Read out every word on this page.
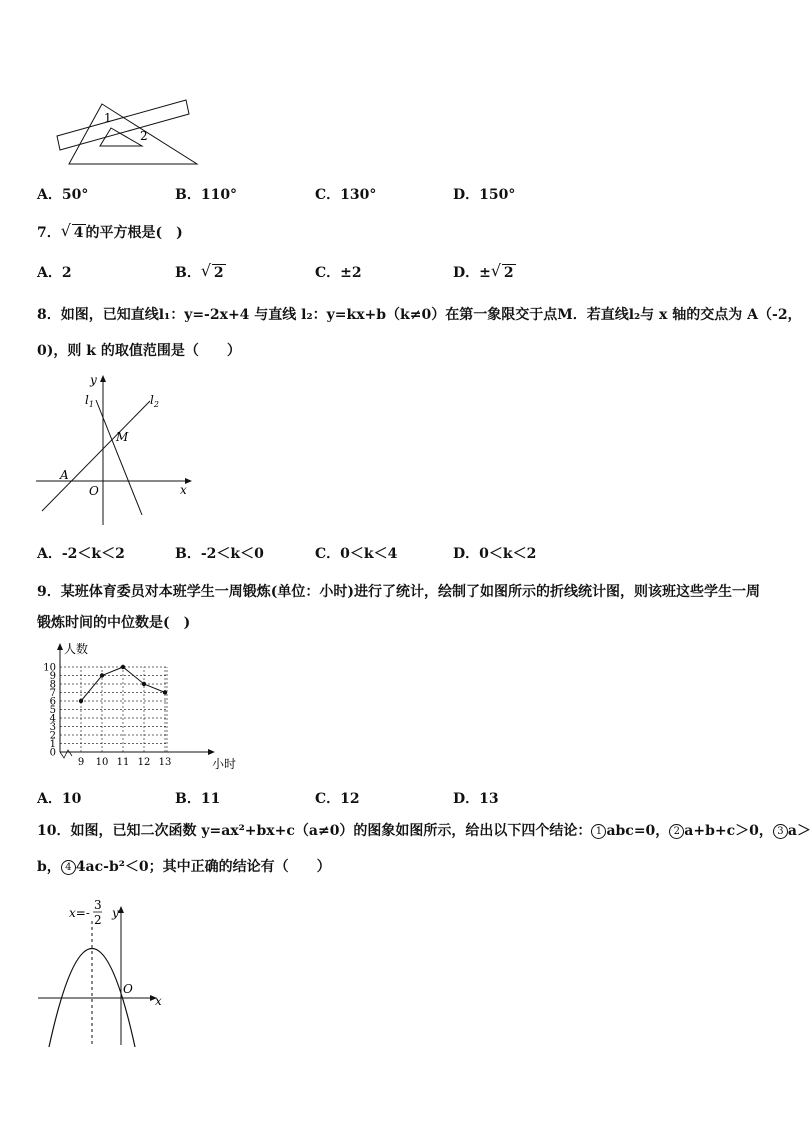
1
2
A．50°	B．110°	C．130°	D．150°
7． √ 4 的平方根是(　)
A．2	B． √ 2	C．±2	D．± √ 2
8．如图，已知直线l₁：y=-2x+4 与直线 l₂：y=kx+b（k≠0）在第一象限交于点M．若直线l₂与 x 轴的交点为 A（-2，
0)，则 k 的取值范围是（　　）
y
x
$l_1$	$l_2$
M
A
O
A．-2＜k＜2	B．-2＜k＜0	C．0＜k＜4	D．0＜k＜2
9．某班体育委员对本班学生一周锻炼(单位：小时)进行了统计，绘制了如图所示的折线统计图，则该班这些学生一周
锻炼时间的中位数是(　)
0
1
2
3
4
5
6
7
8
9
10
9 10 11 12 13
人数
小时
A．10	B．11	C．12	D．13
10．如图，已知二次函数 y=ax²+bx+c（a≠0）的图象如图所示，给出以下四个结论： 1 abc=0， 2 a+b+c＞0， 3 a＞
b， 4 4ac-b²＜0；其中正确的结论有（　　）
x=-
3
2 y
x
O
